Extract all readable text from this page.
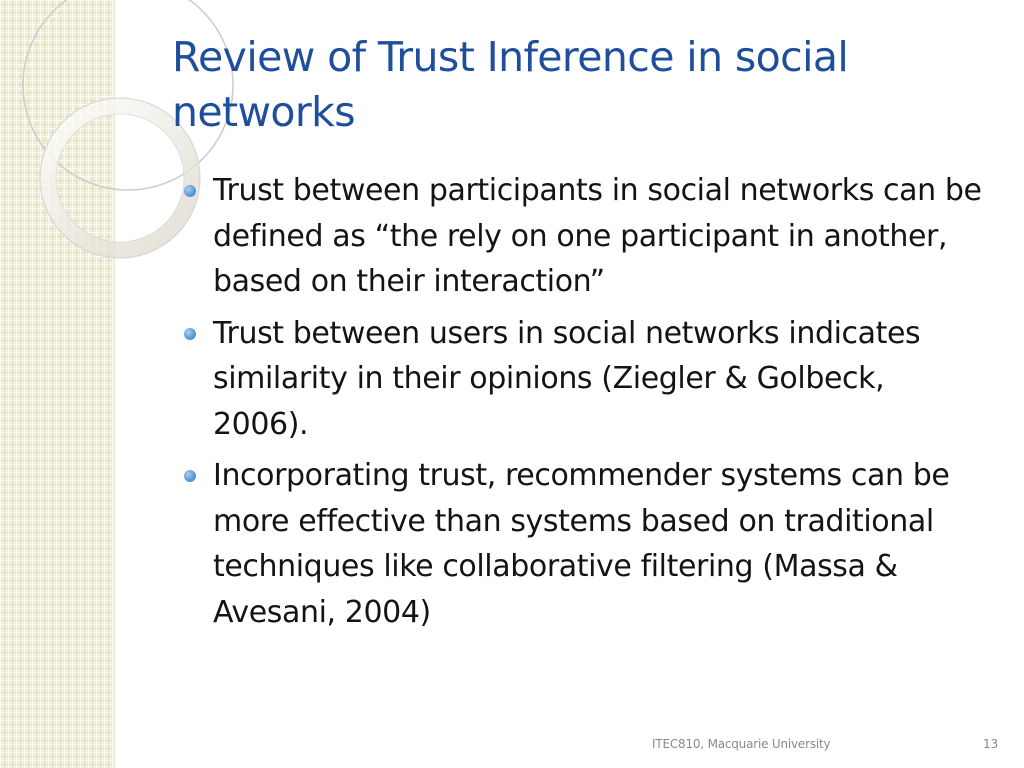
Review of Trust Inference in social networks
Trust between participants in social networks can be defined as “the rely on one participant in another, based on their interaction”
Trust between users in social networks indicates similarity in their opinions (Ziegler & Golbeck, 2006).
Incorporating trust, recommender systems can be more effective than systems based on traditional techniques like collaborative filtering (Massa & Avesani, 2004)
ITEC810, Macquarie University	13
